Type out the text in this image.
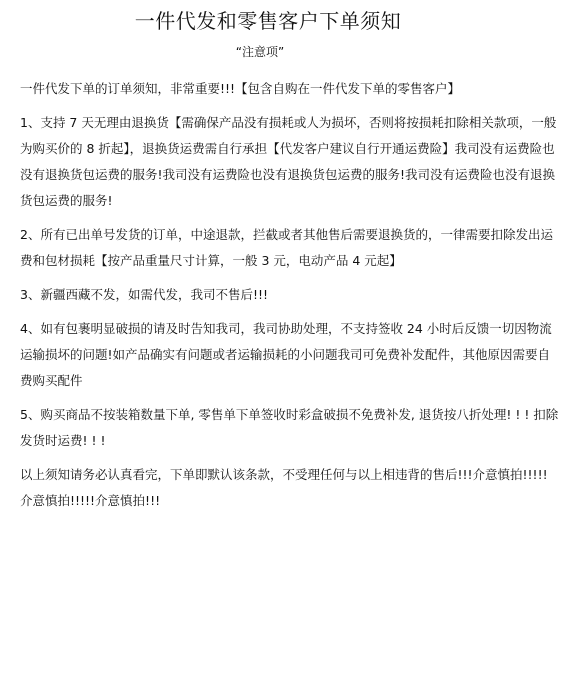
一件代发和零售客户下单须知
“注意项”

一件代发下单的订单须知，非常重要!!!【包含自购在一件代发下单的零售客户】

1、支持 7 天无理由退换货【需确保产品没有损耗或人为损坏，否则将按损耗扣除相关款项，一般为购买价的 8 折起】，退换货运费需自行承担【代发客户建议自行开通运费险】我司没有运费险也没有退换货包运费的服务!我司没有运费险也没有退换货包运费的服务!我司没有运费险也没有退换货包运费的服务!

2、所有已出单号发货的订单，中途退款，拦截或者其他售后需要退换货的，一律需要扣除发出运费和包材损耗【按产品重量尺寸计算，一般 3 元，电动产品 4 元起】

3、新疆西藏不发，如需代发，我司不售后!!!

4、如有包裹明显破损的请及时告知我司，我司协助处理，不支持签收 24 小时后反馈一切因物流运输损坏的问题!如产品确实有问题或者运输损耗的小问题我司可免费补发配件，其他原因需要自费购买配件

5、购买商品不按装箱数量下单, 零售单下单签收时彩盒破损不免费补发, 退货按八折处理! ! ! 扣除发货时运费! ! !

以上须知请务必认真看完，下单即默认该条款，不受理任何与以上相违背的售后!!!介意慎拍!!!!!介意慎拍!!!!!介意慎拍!!!
